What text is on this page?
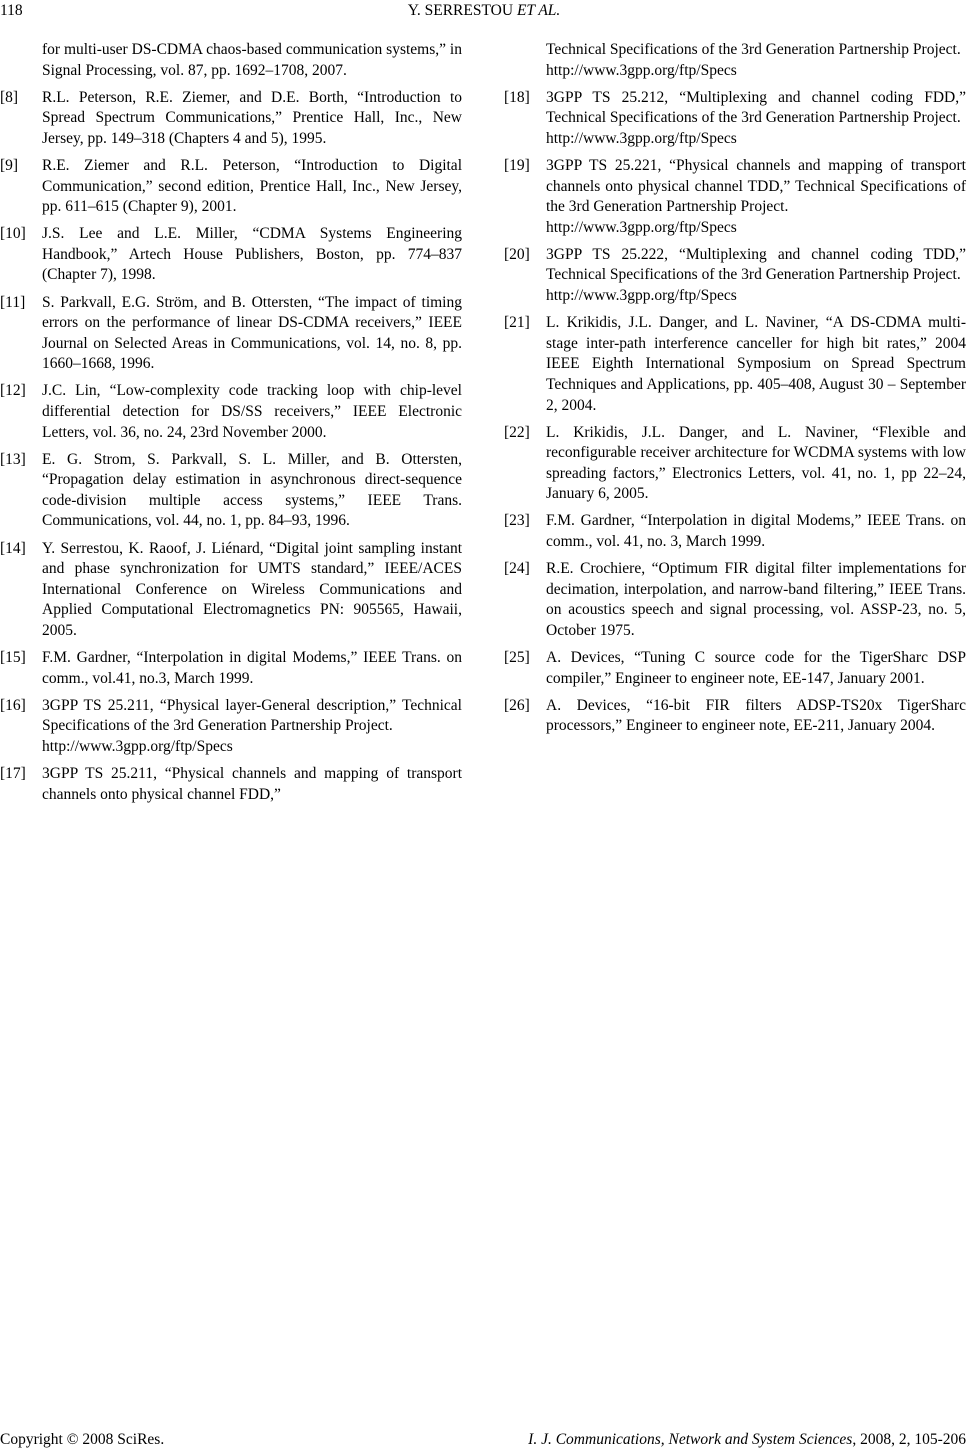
118	Y. SERRESTOU ET AL.
for multi-user DS-CDMA chaos-based communication systems,” in Signal Processing, vol. 87, pp. 1692–1708, 2007.
[8] R.L. Peterson, R.E. Ziemer, and D.E. Borth, “Introduction to Spread Spectrum Communications,” Prentice Hall, Inc., New Jersey, pp. 149–318 (Chapters 4 and 5), 1995.
[9] R.E. Ziemer and R.L. Peterson, “Introduction to Digital Communication,” second edition, Prentice Hall, Inc., New Jersey, pp. 611–615 (Chapter 9), 2001.
[10] J.S. Lee and L.E. Miller, “CDMA Systems Engineering Handbook,” Artech House Publishers, Boston, pp. 774–837 (Chapter 7), 1998.
[11] S. Parkvall, E.G. Ström, and B. Ottersten, “The impact of timing errors on the performance of linear DS-CDMA receivers,” IEEE Journal on Selected Areas in Communications, vol. 14, no. 8, pp. 1660–1668, 1996.
[12] J.C. Lin, “Low-complexity code tracking loop with chip-level differential detection for DS/SS receivers,” IEEE Electronic Letters, vol. 36, no. 24, 23rd November 2000.
[13] E. G. Strom, S. Parkvall, S. L. Miller, and B. Ottersten, “Propagation delay estimation in asynchronous direct-sequence code-division multiple access systems,” IEEE Trans. Communications, vol. 44, no. 1, pp. 84–93, 1996.
[14] Y. Serrestou, K. Raoof, J. Liénard, “Digital joint sampling instant and phase synchronization for UMTS standard,” IEEE/ACES International Conference on Wireless Communications and Applied Computational Electromagnetics PN: 905565, Hawaii, 2005.
[15] F.M. Gardner, “Interpolation in digital Modems,” IEEE Trans. on comm., vol.41, no.3, March 1999.
[16] 3GPP TS 25.211, “Physical layer-General description,” Technical Specifications of the 3rd Generation Partnership Project.
http://www.3gpp.org/ftp/Specs
[17] 3GPP TS 25.211, “Physical channels and mapping of transport channels onto physical channel FDD,”
Technical Specifications of the 3rd Generation Partnership Project.
http://www.3gpp.org/ftp/Specs
[18] 3GPP TS 25.212, “Multiplexing and channel coding FDD,” Technical Specifications of the 3rd Generation Partnership Project.
http://www.3gpp.org/ftp/Specs
[19] 3GPP TS 25.221, “Physical channels and mapping of transport channels onto physical channel TDD,” Technical Specifications of the 3rd Generation Partnership Project.
http://www.3gpp.org/ftp/Specs
[20] 3GPP TS 25.222, “Multiplexing and channel coding TDD,” Technical Specifications of the 3rd Generation Partnership Project.
http://www.3gpp.org/ftp/Specs
[21] L. Krikidis, J.L. Danger, and L. Naviner, “A DS-CDMA multi-stage inter-path interference canceller for high bit rates,” 2004 IEEE Eighth International Symposium on Spread Spectrum Techniques and Applications, pp. 405–408, August 30 – September 2, 2004.
[22] L. Krikidis, J.L. Danger, and L. Naviner, “Flexible and reconfigurable receiver architecture for WCDMA systems with low spreading factors,” Electronics Letters, vol. 41, no. 1, pp 22–24, January 6, 2005.
[23] F.M. Gardner, “Interpolation in digital Modems,” IEEE Trans. on comm., vol. 41, no. 3, March 1999.
[24] R.E. Crochiere, “Optimum FIR digital filter implementations for decimation, interpolation, and narrow-band filtering,” IEEE Trans. on acoustics speech and signal processing, vol. ASSP-23, no. 5, October 1975.
[25] A. Devices, “Tuning C source code for the TigerSharc DSP compiler,” Engineer to engineer note, EE-147, January 2001.
[26] A. Devices, “16-bit FIR filters ADSP-TS20x TigerSharc processors,” Engineer to engineer note, EE-211, January 2004.
Copyright © 2008 SciRes.	I. J. Communications, Network and System Sciences, 2008, 2, 105-206
